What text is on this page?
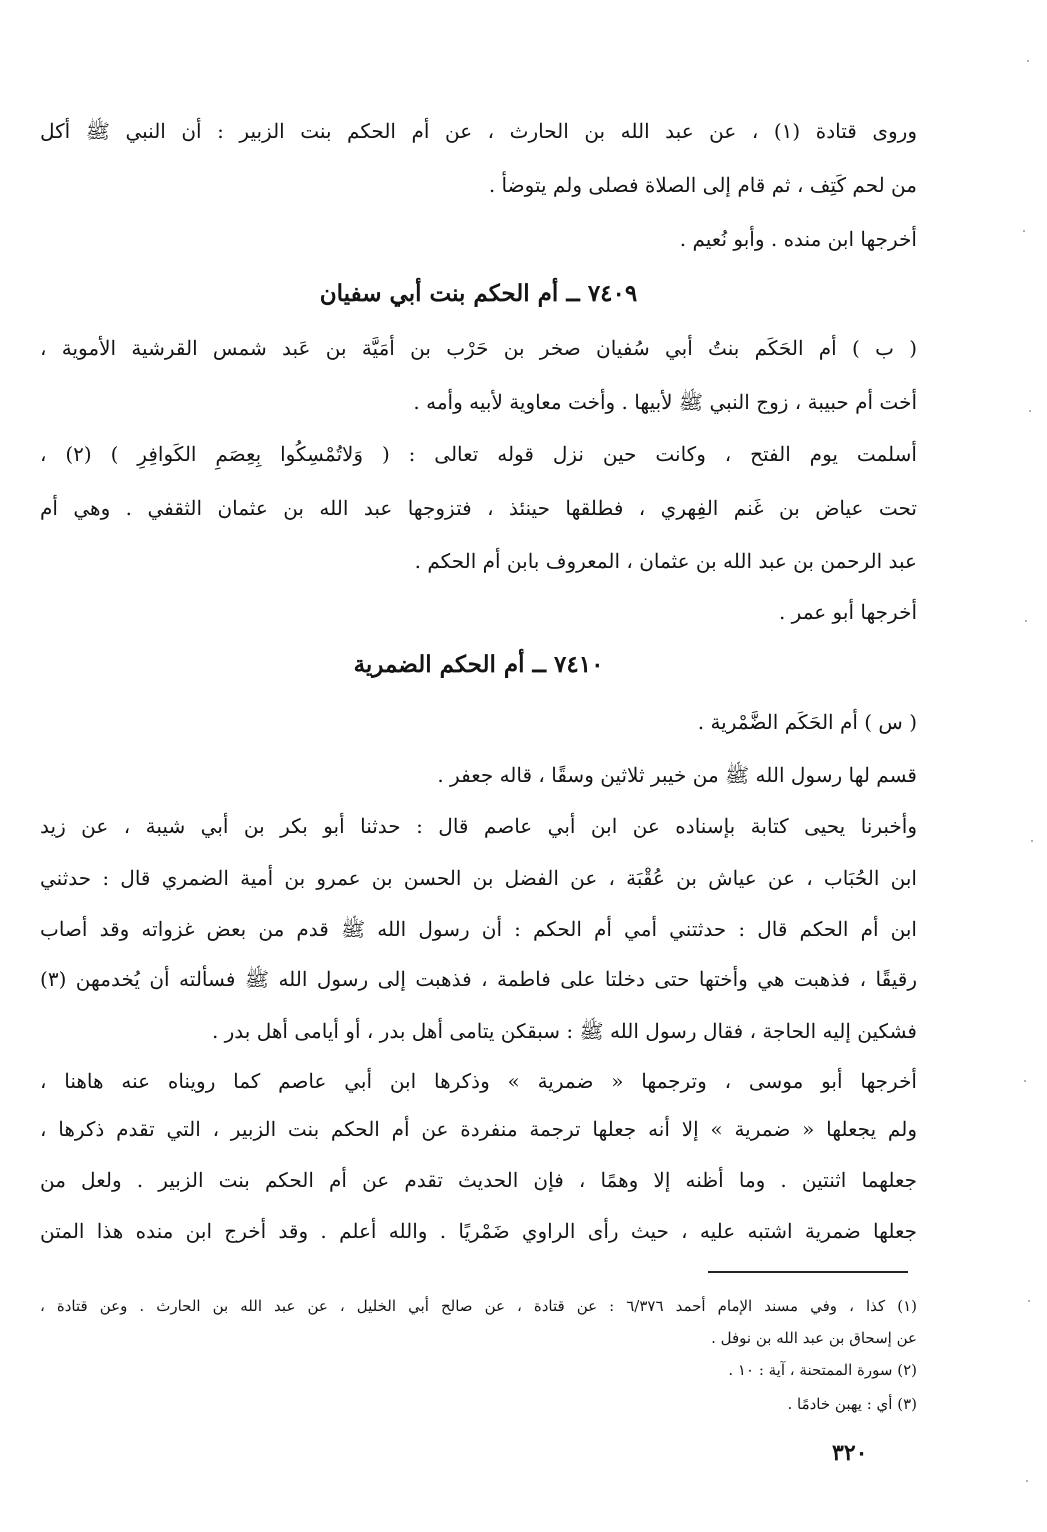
وروى قتادة (١) ، عن عبد الله بن الحارث ، عن أم الحكم بنت الزبير : أن النبي ﷺ أكل
من لحم كَتِف ، ثم قام إلى الصلاة فصلى ولم يتوضأ .
أخرجها ابن منده . وأبو نُعيم .
٧٤٠٩ ــ أم الحكم بنت أبي سفيان
( ب ) أم الحَكَم بنتُ أبي سُفيان صخر بن حَرْب بن أمَيَّة بن عَبد شمس القرشية الأموية ،
أخت أم حبيبة ، زوج النبي ﷺ لأبيها . وأخت معاوية لأبيه وأمه .
أسلمت يوم الفتح ، وكانت حين نزل قوله تعالى : ( وَلاتُمْسِكُوا بِعِصَمِ الكَوافِرِ ) (٢) ،
تحت عياض بن غَنم الفِهري ، فطلقها حينئذ ، فتزوجها عبد الله بن عثمان الثقفي . وهي أم
عبد الرحمن بن عبد الله بن عثمان ، المعروف بابن أم الحكم .
أخرجها أبو عمر .
٧٤١٠ ــ أم الحكم الضمرية
( س ) أم الحَكَم الضَّمْرية .
قسم لها رسول الله ﷺ من خيبر ثلاثين وسقًا ، قاله جعفر .
وأخبرنا يحيى كتابة بإسناده عن ابن أبي عاصم قال : حدثنا أبو بكر بن أبي شيبة ، عن زيد
ابن الحُبَاب ، عن عياش بن عُقْبَة ، عن الفضل بن الحسن بن عمرو بن أمية الضمري قال : حدثني
ابن أم الحكم قال : حدثتني أمي أم الحكم : أن رسول الله ﷺ قدم من بعض غزواته وقد أصاب
رقيقًا ، فذهبت هي وأختها حتى دخلتا على فاطمة ، فذهبت إلى رسول الله ﷺ فسألته أن يُخدمهن (٣)
فشكين إليه الحاجة ، فقال رسول الله ﷺ : سبقكن يتامى أهل بدر ، أو أيامى أهل بدر .
أخرجها أبو موسى ، وترجمها « ضمرية » وذكرها ابن أبي عاصم كما رويناه عنه هاهنا ،
ولم يجعلها « ضمرية » إلا أنه جعلها ترجمة منفردة عن أم الحكم بنت الزبير ، التي تقدم ذكرها ،
جعلهما اثنتين . وما أظنه إلا وهمًا ، فإن الحديث تقدم عن أم الحكم بنت الزبير . ولعل من
جعلها ضمرية اشتبه عليه ، حيث رأى الراوي ضَمْريًا . والله أعلم . وقد أخرج ابن منده هذا المتن
(١) كذا ، وفي مسند الإمام أحمد ٦/٣٧٦ : عن قتادة ، عن صالح أبي الخليل ، عن عبد الله بن الحارث . وعن قتادة ،
عن إسحاق بن عبد الله بن نوفل .
(٢) سورة الممتحنة ، آية : ١٠ .
(٣) أي : يهبن خادمًا .
٣٢٠
